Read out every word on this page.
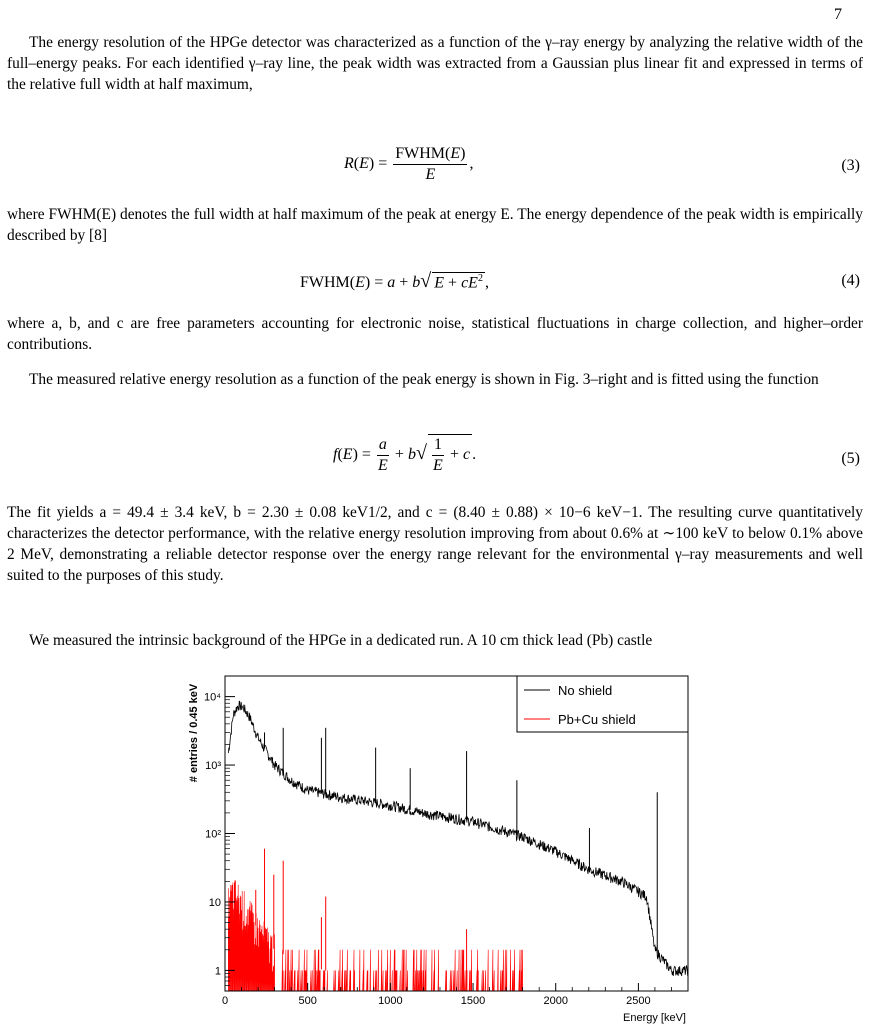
7

The energy resolution of the HPGe detector was characterized as a function of the γ–ray energy by analyzing the relative width of the full–energy peaks. For each identified γ–ray line, the peak width was extracted from a Gaussian plus linear fit and expressed in terms of the relative full width at half maximum,

$R(E) = \frac{\text{FWHM(E)}}{E}$ ,	(3)

where FWHM(E) denotes the full width at half maximum of the peak at energy E. The energy dependence of the peak width is empirically described by [8]

FWHM(E) = a + b√ $E + cE^2$ ,	(4)

where a, b, and c are free parameters accounting for electronic noise, statistical fluctuations in charge collection, and higher–order contributions.

The measured relative energy resolution as a function of the peak energy is shown in Fig. 3–right and is fitted using the function

$f(E) = \frac{a}{E} + b√ \frac{1}{E} + c$ .	(5)

The fit yields a = 49.4 ± 3.4 keV, b = 2.30 ± 0.08 keV1/2, and c = (8.40 ± 0.88) × 10−6 keV−1. The resulting curve quantitatively characterizes the detector performance, with the relative energy resolution improving from about 0.6% at ∼100 keV to below 0.1% above 2 MeV, demonstrating a reliable detector response over the energy range relevant for the environmental γ–ray measurements and well suited to the purposes of this study.

We measured the intrinsic background of the HPGe in a dedicated run. A 10 cm thick lead (Pb) castle

0	500	1000	1500	2000	2500
1
10
10²
10³
10⁴
Energy [keV]
# entries / 0.45 keV	No shield
Pb+Cu shield
